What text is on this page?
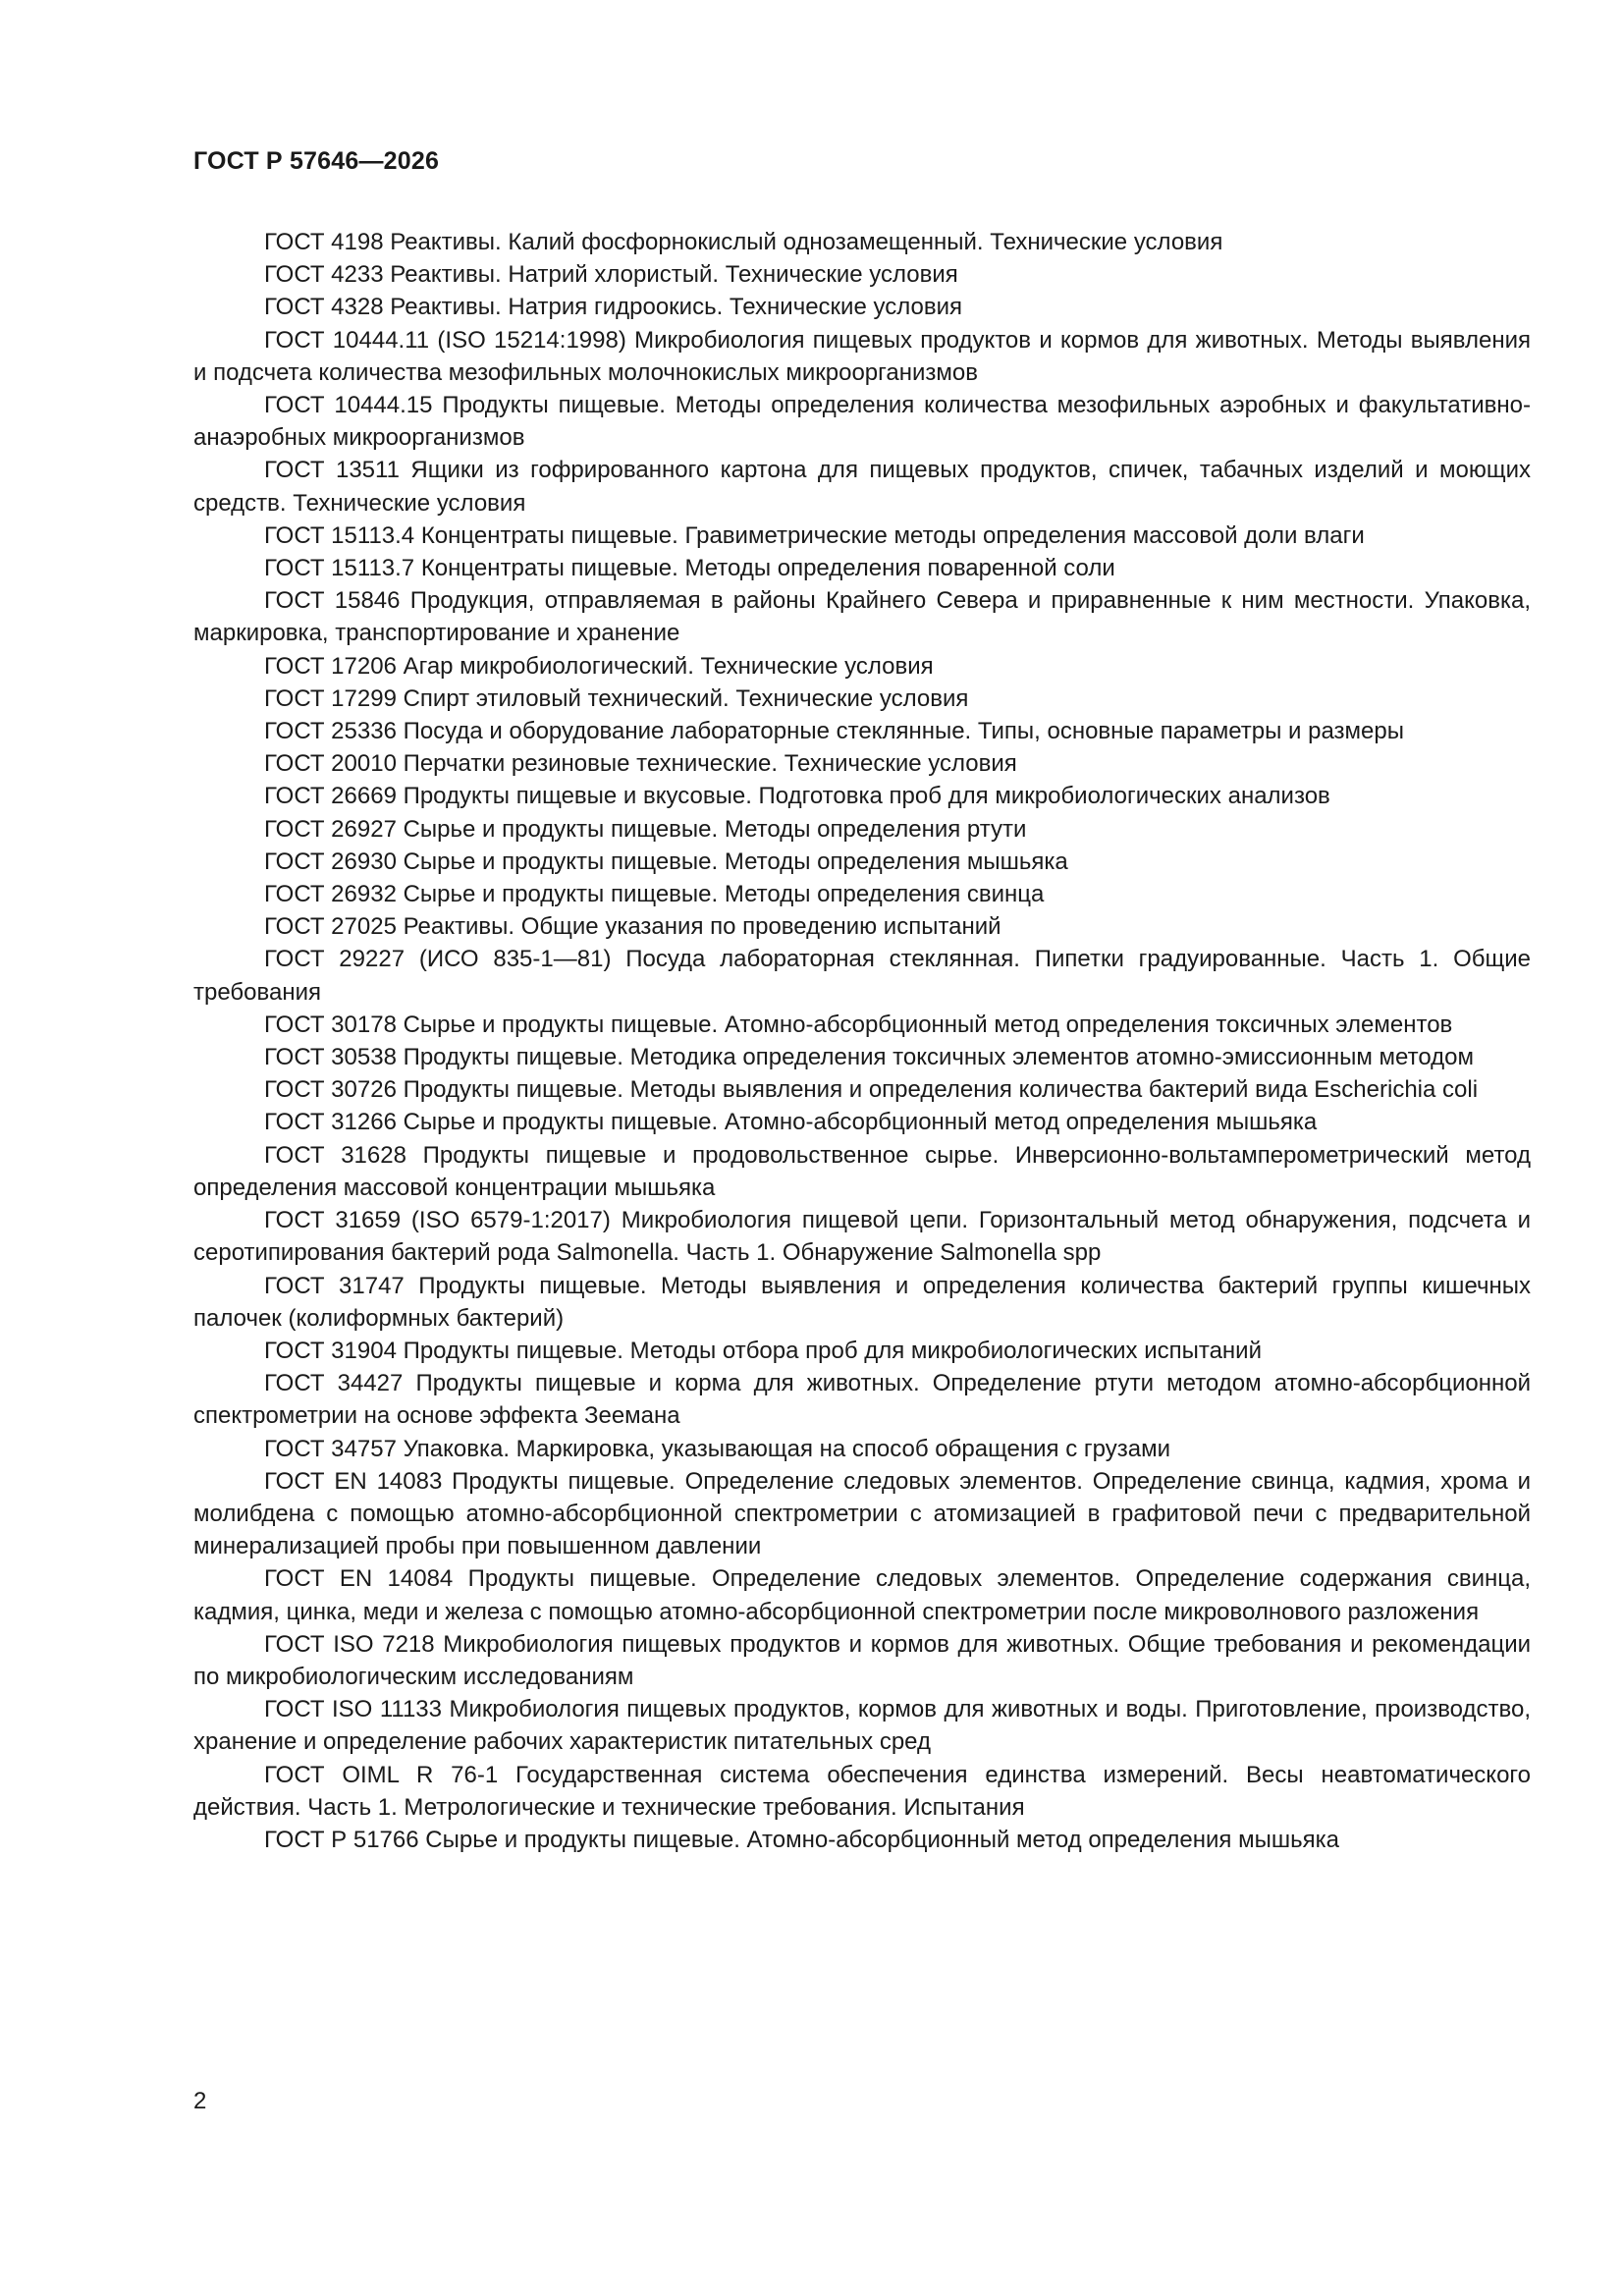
ГОСТ Р 57646—2026

ГОСТ 4198 Реактивы. Калий фосфорнокислый однозамещенный. Технические условия

ГОСТ 4233 Реактивы. Натрий хлористый. Технические условия

ГОСТ 4328 Реактивы. Натрия гидроокись. Технические условия

ГОСТ 10444.11 (ISO 15214:1998) Микробиология пищевых продуктов и кормов для животных. Методы выявления и подсчета количества мезофильных молочнокислых микроорганизмов

ГОСТ 10444.15 Продукты пищевые. Методы определения количества мезофильных аэробных и факультативно-анаэробных микроорганизмов

ГОСТ 13511 Ящики из гофрированного картона для пищевых продуктов, спичек, табачных изделий и моющих средств. Технические условия

ГОСТ 15113.4 Концентраты пищевые. Гравиметрические методы определения массовой доли влаги

ГОСТ 15113.7 Концентраты пищевые. Методы определения поваренной соли

ГОСТ 15846 Продукция, отправляемая в районы Крайнего Севера и приравненные к ним местности. Упаковка, маркировка, транспортирование и хранение

ГОСТ 17206 Агар микробиологический. Технические условия

ГОСТ 17299 Спирт этиловый технический. Технические условия

ГОСТ 25336 Посуда и оборудование лабораторные стеклянные. Типы, основные параметры и размеры

ГОСТ 20010 Перчатки резиновые технические. Технические условия

ГОСТ 26669 Продукты пищевые и вкусовые. Подготовка проб для микробиологических анализов

ГОСТ 26927 Сырье и продукты пищевые. Методы определения ртути

ГОСТ 26930 Сырье и продукты пищевые. Методы определения мышьяка

ГОСТ 26932 Сырье и продукты пищевые. Методы определения свинца

ГОСТ 27025 Реактивы. Общие указания по проведению испытаний

ГОСТ 29227 (ИСО 835-1—81) Посуда лабораторная стеклянная. Пипетки градуированные. Часть 1. Общие требования

ГОСТ 30178 Сырье и продукты пищевые. Атомно-абсорбционный метод определения токсичных элементов

ГОСТ 30538 Продукты пищевые. Методика определения токсичных элементов атомно-эмиссионным методом

ГОСТ 30726 Продукты пищевые. Методы выявления и определения количества бактерий вида Escherichia coli

ГОСТ 31266 Сырье и продукты пищевые. Атомно-абсорбционный метод определения мышьяка

ГОСТ 31628 Продукты пищевые и продовольственное сырье. Инверсионно-вольтамперометрический метод определения массовой концентрации мышьяка

ГОСТ 31659 (ISO 6579-1:2017) Микробиология пищевой цепи. Горизонтальный метод обнаружения, подсчета и серотипирования бактерий рода Salmonella. Часть 1. Обнаружение Salmonella spp

ГОСТ 31747 Продукты пищевые. Методы выявления и определения количества бактерий группы кишечных палочек (колиформных бактерий)

ГОСТ 31904 Продукты пищевые. Методы отбора проб для микробиологических испытаний

ГОСТ 34427 Продукты пищевые и корма для животных. Определение ртути методом атомно-абсорбционной спектрометрии на основе эффекта Зеемана

ГОСТ 34757 Упаковка. Маркировка, указывающая на способ обращения с грузами

ГОСТ EN 14083 Продукты пищевые. Определение следовых элементов. Определение свинца, кадмия, хрома и молибдена с помощью атомно-абсорбционной спектрометрии с атомизацией в графитовой печи с предварительной минерализацией пробы при повышенном давлении

ГОСТ EN 14084 Продукты пищевые. Определение следовых элементов. Определение содержания свинца, кадмия, цинка, меди и железа с помощью атомно-абсорбционной спектрометрии после микроволнового разложения

ГОСТ ISO 7218 Микробиология пищевых продуктов и кормов для животных. Общие требования и рекомендации по микробиологическим исследованиям

ГОСТ ISO 11133 Микробиология пищевых продуктов, кормов для животных и воды. Приготовление, производство, хранение и определение рабочих характеристик питательных сред

ГОСТ OIML R 76-1 Государственная система обеспечения единства измерений. Весы неавтоматического действия. Часть 1. Метрологические и технические требования. Испытания

ГОСТ Р 51766 Сырье и продукты пищевые. Атомно-абсорбционный метод определения мышьяка

2
